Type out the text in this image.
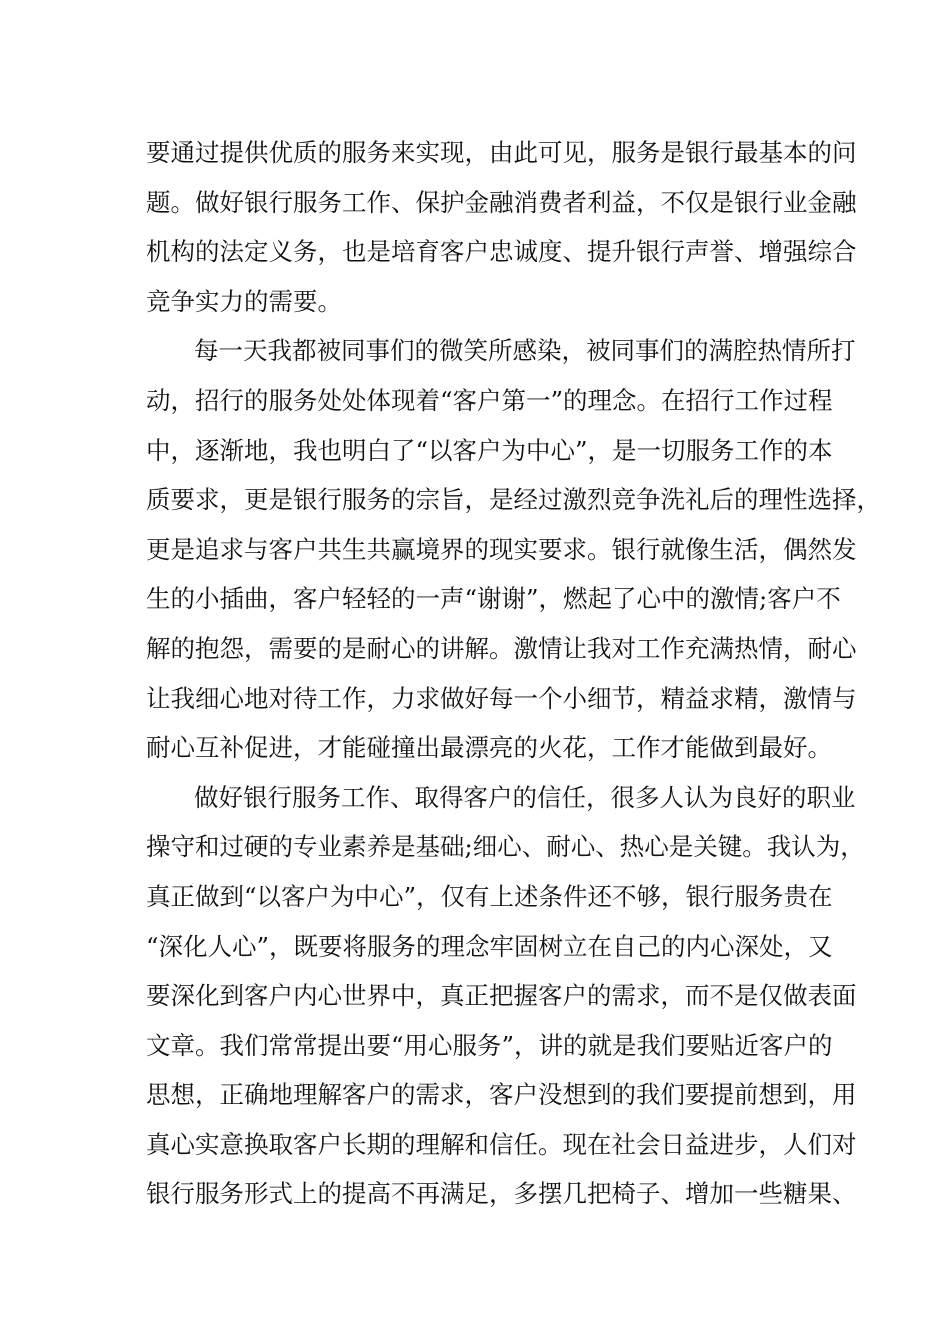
要通过提供优质的服务来实现，由此可见，服务是银行最基本的问
题。做好银行服务工作、保护金融消费者利益，不仅是银行业金融
机构的法定义务，也是培育客户忠诚度、提升银行声誉、增强综合
竞争实力的需要。
每一天我都被同事们的微笑所感染，被同事们的满腔热情所打
动，招行的服务处处体现着“客户第一”的理念。在招行工作过程
中，逐渐地，我也明白了“以客户为中心”，是一切服务工作的本
质要求，更是银行服务的宗旨，是经过激烈竞争洗礼后的理性选择，
更是追求与客户共生共赢境界的现实要求。银行就像生活，偶然发
生的小插曲，客户轻轻的一声“谢谢”，燃起了心中的激情;客户不
解的抱怨，需要的是耐心的讲解。激情让我对工作充满热情，耐心
让我细心地对待工作，力求做好每一个小细节，精益求精，激情与
耐心互补促进，才能碰撞出最漂亮的火花，工作才能做到最好。
做好银行服务工作、取得客户的信任，很多人认为良好的职业
操守和过硬的专业素养是基础;细心、耐心、热心是关键。我认为，
真正做到“以客户为中心”，仅有上述条件还不够，银行服务贵在
“深化人心”，既要将服务的理念牢固树立在自己的内心深处，又
要深化到客户内心世界中，真正把握客户的需求，而不是仅做表面
文章。我们常常提出要“用心服务”，讲的就是我们要贴近客户的
思想，正确地理解客户的需求，客户没想到的我们要提前想到，用
真心实意换取客户长期的理解和信任。现在社会日益进步，人们对
银行服务形式上的提高不再满足，多摆几把椅子、增加一些糖果、
